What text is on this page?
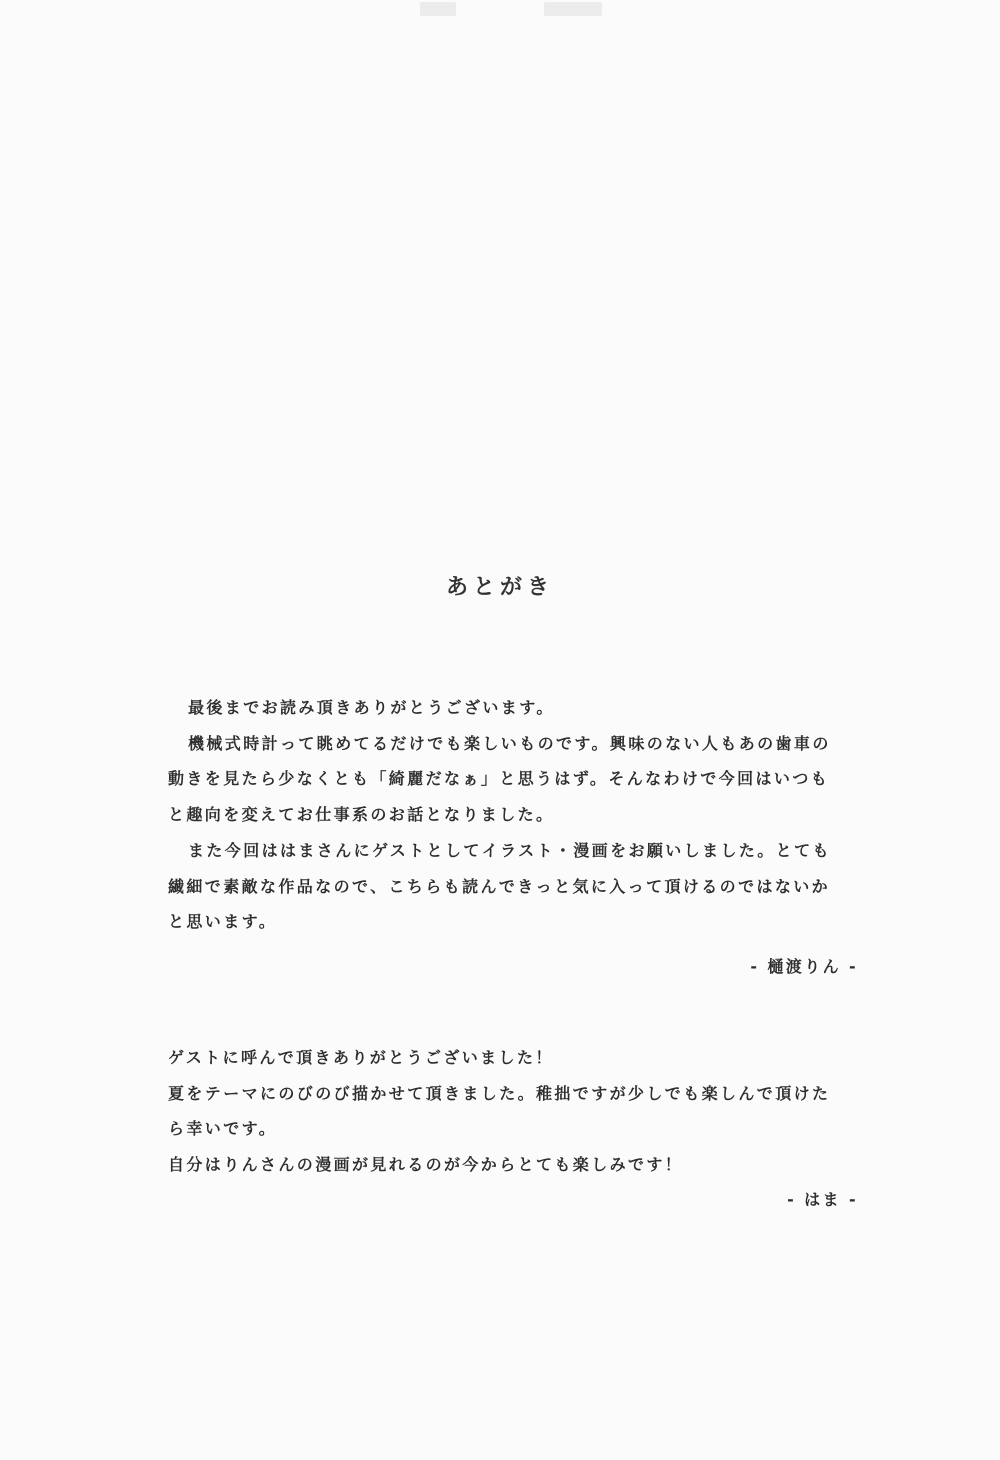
あとがき

最後までお読み頂きありがとうございます。

機械式時計って眺めてるだけでも楽しいものです。興味のない人もあの歯車の

動きを見たら少なくとも「綺麗だなぁ」と思うはず。そんなわけで今回はいつも

と趣向を変えてお仕事系のお話となりました。

また今回ははまさんにゲストとしてイラスト・漫画をお願いしました。とても

繊細で素敵な作品なので、こちらも読んできっと気に入って頂けるのではないか

と思います。

- 樋渡りん -

ゲストに呼んで頂きありがとうございました！

夏をテーマにのびのび描かせて頂きました。稚拙ですが少しでも楽しんで頂けた

ら幸いです。

自分はりんさんの漫画が見れるのが今からとても楽しみです！

- はま -
